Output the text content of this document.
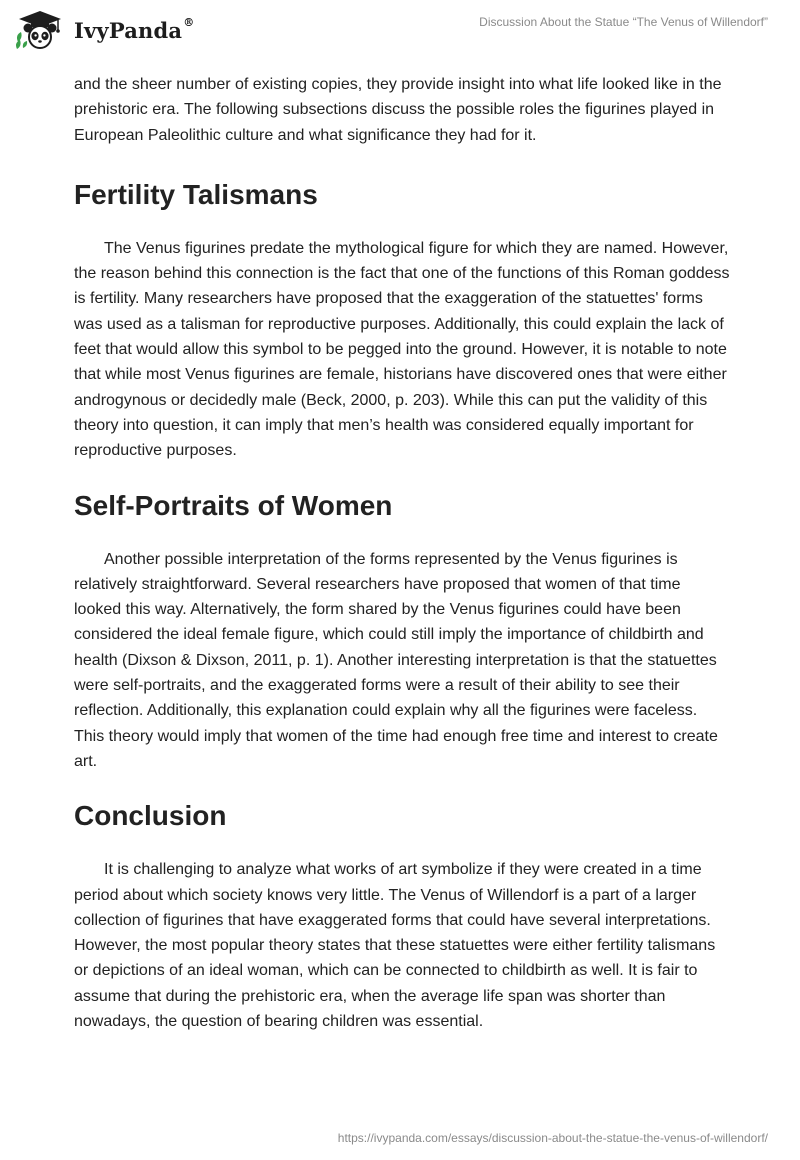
IvyPanda®	Discussion About the Statue “The Venus of Willendorf”

and the sheer number of existing copies, they provide insight into what life looked like in the prehistoric era. The following subsections discuss the possible roles the figurines played in European Paleolithic culture and what significance they had for it.

Fertility Talismans

The Venus figurines predate the mythological figure for which they are named. However, the reason behind this connection is the fact that one of the functions of this Roman goddess is fertility. Many researchers have proposed that the exaggeration of the statuettes' forms was used as a talisman for reproductive purposes. Additionally, this could explain the lack of feet that would allow this symbol to be pegged into the ground. However, it is notable to note that while most Venus figurines are female, historians have discovered ones that were either androgynous or decidedly male (Beck, 2000, p. 203). While this can put the validity of this theory into question, it can imply that men’s health was considered equally important for reproductive purposes.

Self-Portraits of Women

Another possible interpretation of the forms represented by the Venus figurines is relatively straightforward. Several researchers have proposed that women of that time looked this way. Alternatively, the form shared by the Venus figurines could have been considered the ideal female figure, which could still imply the importance of childbirth and health (Dixson & Dixson, 2011, p. 1). Another interesting interpretation is that the statuettes were self-portraits, and the exaggerated forms were a result of their ability to see their reflection. Additionally, this explanation could explain why all the figurines were faceless. This theory would imply that women of the time had enough free time and interest to create art.

Conclusion

It is challenging to analyze what works of art symbolize if they were created in a time period about which society knows very little. The Venus of Willendorf is a part of a larger collection of figurines that have exaggerated forms that could have several interpretations. However, the most popular theory states that these statuettes were either fertility talismans or depictions of an ideal woman, which can be connected to childbirth as well. It is fair to assume that during the prehistoric era, when the average life span was shorter than nowadays, the question of bearing children was essential.

https://ivypanda.com/essays/discussion-about-the-statue-the-venus-of-willendorf/
